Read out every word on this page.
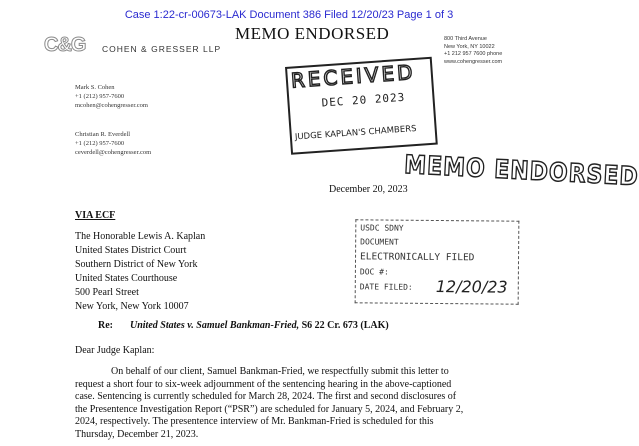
Case 1:22-cr-00673-LAK Document 386 Filed 12/20/23 Page 1 of 3
C&G COHEN & GRESSER LLP
MEMO ENDORSED	800 Third Avenue
New York, NY 10022
+1 212 957 7600 phone
www.cohengresser.com
Mark S. Cohen
+1 (212) 957-7600
mcohen@cohengresser.com
Christian R. Everdell
+1 (212) 957-7600
ceverdell@cohengresser.com
RECEIVED
DEC 20 2023
JUDGE KAPLAN'S CHAMBERS
MEMO ENDORSED
December 20, 2023
VIA ECF
The Honorable Lewis A. Kaplan
United States District Court
Southern District of New York
United States Courthouse
500 Pearl Street
New York, New York 10007
USDC SDNY
DOCUMENT
ELECTRONICALLY FILED
DOC #:
DATE FILED: 12/20/23
Re: United States v. Samuel Bankman-Fried, S6 22 Cr. 673 (LAK)
Dear Judge Kaplan:
On behalf of our client, Samuel Bankman-Fried, we respectfully submit this letter to
request a short four to six-week adjournment of the sentencing hearing in the above-captioned
case. Sentencing is currently scheduled for March 28, 2024. The first and second disclosures of
the Presentence Investigation Report (“PSR”) are scheduled for January 5, 2024, and February 2,
2024, respectively. The presentence interview of Mr. Bankman-Fried is scheduled for this
Thursday, December 21, 2023.
